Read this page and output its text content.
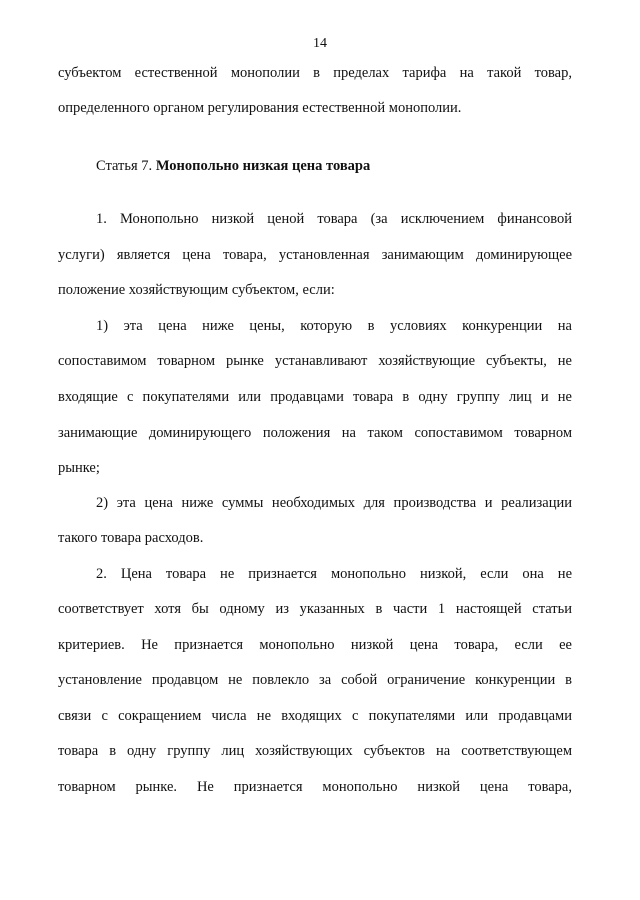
14
субъектом естественной монополии в пределах тарифа на такой товар,
определенного органом регулирования естественной монополии.
Статья 7. Монопольно низкая цена товара
1. Монопольно низкой ценой товара (за исключением финансовой
услуги) является цена товара, установленная занимающим доминирующее
положение хозяйствующим субъектом, если:
1) эта цена ниже цены, которую в условиях конкуренции на
сопоставимом товарном рынке устанавливают хозяйствующие субъекты, не
входящие с покупателями или продавцами товара в одну группу лиц и не
занимающие доминирующего положения на таком сопоставимом товарном
рынке;
2) эта цена ниже суммы необходимых для производства и реализации
такого товара расходов.
2. Цена товара не признается монопольно низкой, если она не
соответствует хотя бы одному из указанных в части 1 настоящей статьи
критериев. Не признается монопольно низкой цена товара, если ее
установление продавцом не повлекло за собой ограничение конкуренции в
связи с сокращением числа не входящих с покупателями или продавцами
товара в одну группу лиц хозяйствующих субъектов на соответствующем
товарном рынке. Не признается монопольно низкой цена товара,
